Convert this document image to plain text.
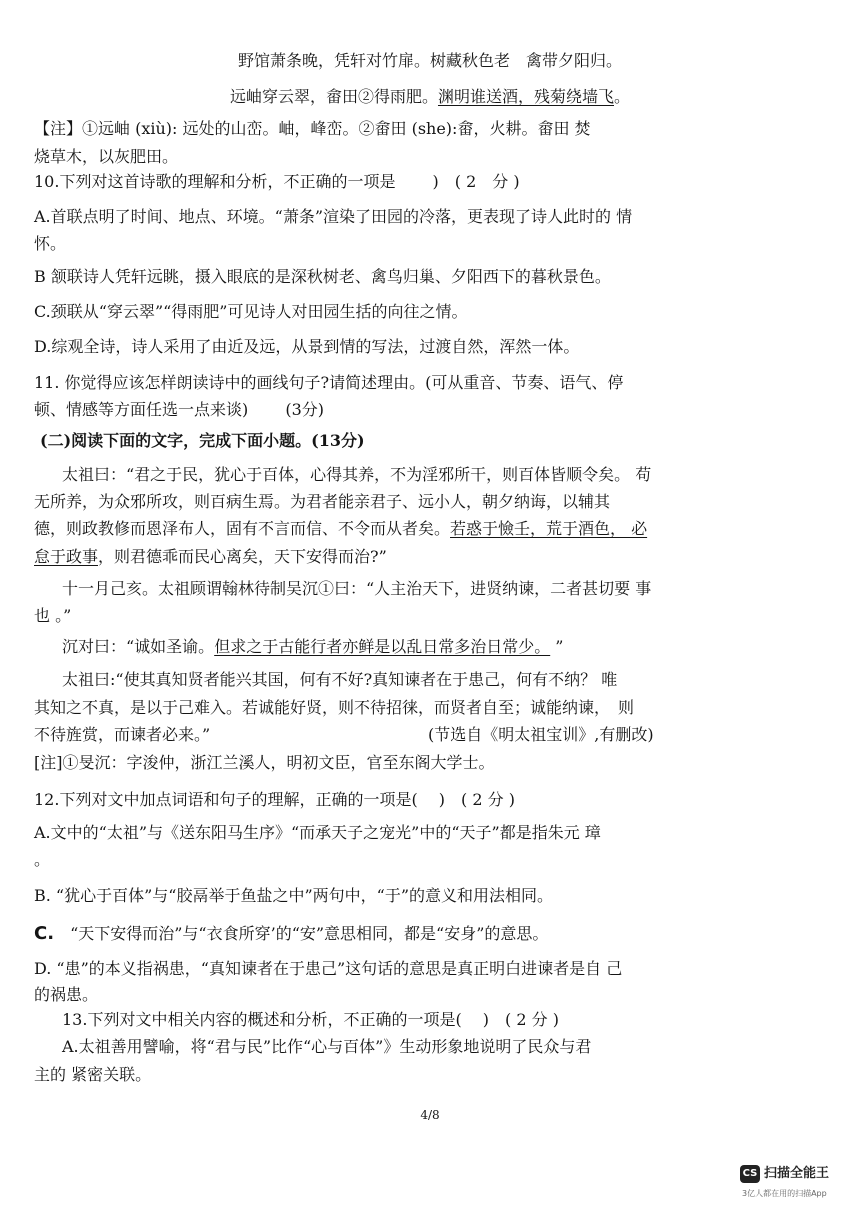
野馆萧条晚，凭轩对竹扉。树藏秋色老　禽带夕阳归。
远岫穿云翠，畲田②得雨肥。渊明谁送酒，残菊绕墙飞。
【注】①远岫 (xiù): 远处的山峦。岫，峰峦。②畲田 (she):畲，火耕。畲田 焚
烧草木，以灰肥田。
10.下列对这首诗歌的理解和分析，不正确的一项是　　 )　( 2　分 )
A.首联点明了时间、地点、环境。“萧条”渲染了田园的冷落，更表现了诗人此时的 情
怀。
B 颔联诗人凭轩远眺，摄入眼底的是深秋树老、禽鸟归巢、夕阳西下的暮秋景色。
C.颈联从“穿云翠”“得雨肥”可见诗人对田园生括的向往之情。
D.综观全诗，诗人采用了由近及远，从景到情的写法，过渡自然，浑然一体。
11. 你觉得应该怎样朗读诗中的画线句子?请简述理由。(可从重音、节奏、语气、停
顿、情感等方面任选一点来谈)　　 (3分)
(二)阅读下面的文字，完成下面小题。(13分)
太祖曰：“君之于民，犹心于百体，心得其养，不为淫邪所干，则百体皆顺令矣。 苟
无所养，为众邪所攻，则百病生焉。为君者能亲君子、远小人，朝夕纳诲，以辅其
德，则政教修而恩泽布人，固有不言而信、不令而从者矣。若惑于憸壬，荒于酒色， 必
怠于政事，则君德乖而民心离矣，天下安得而治?”
十一月己亥。太祖顾谓翰林待制吴沉①曰：“人主治天下，进贤纳谏，二者甚切要 事
也 。”
沉对曰：“诚如圣谕。但求之于古能行者亦鲜是以乱日常多治日常少。 ”
太祖曰:“使其真知贤者能兴其国，何有不好?真知谏者在于患己，何有不纳？ 唯
其知之不真，是以于己难入。若诚能好贤，则不待招徕，而贤者自至；诚能纳谏，　则
不待旌赏，而谏者必来。”	(节选自《明太祖宝训》,有删改)
[注]①旻沉：字浚仲，浙江兰溪人，明初文臣，官至东阁大学士。
12.下列对文中加点词语和句子的理解，正确的一项是(　 )　( 2 分 )
A.文中的“太祖”与《送东阳马生序》“而承天子之宠光”中的“天子”都是指朱元 璋
。
B. “犹心于百体”与“胶鬲举于鱼盐之中”两句中，“于”的意义和用法相同。
C. “天下安得而治”与“衣食所穿’的“安”意思相同，都是“安身”的意思。
D. “患”的本义指祸患，“真知谏者在于患己”这句话的意思是真正明白进谏者是自 己
的祸患。
13.下列对文中相关内容的概述和分析，不正确的一项是(　 )　( 2 分 )
A.太祖善用譬喻，将“君与民”比作“心与百体”》生动形象地说明了民众与君
主的 紧密关联。
4/8
CS 扫描全能王
3亿人都在用的扫描App
